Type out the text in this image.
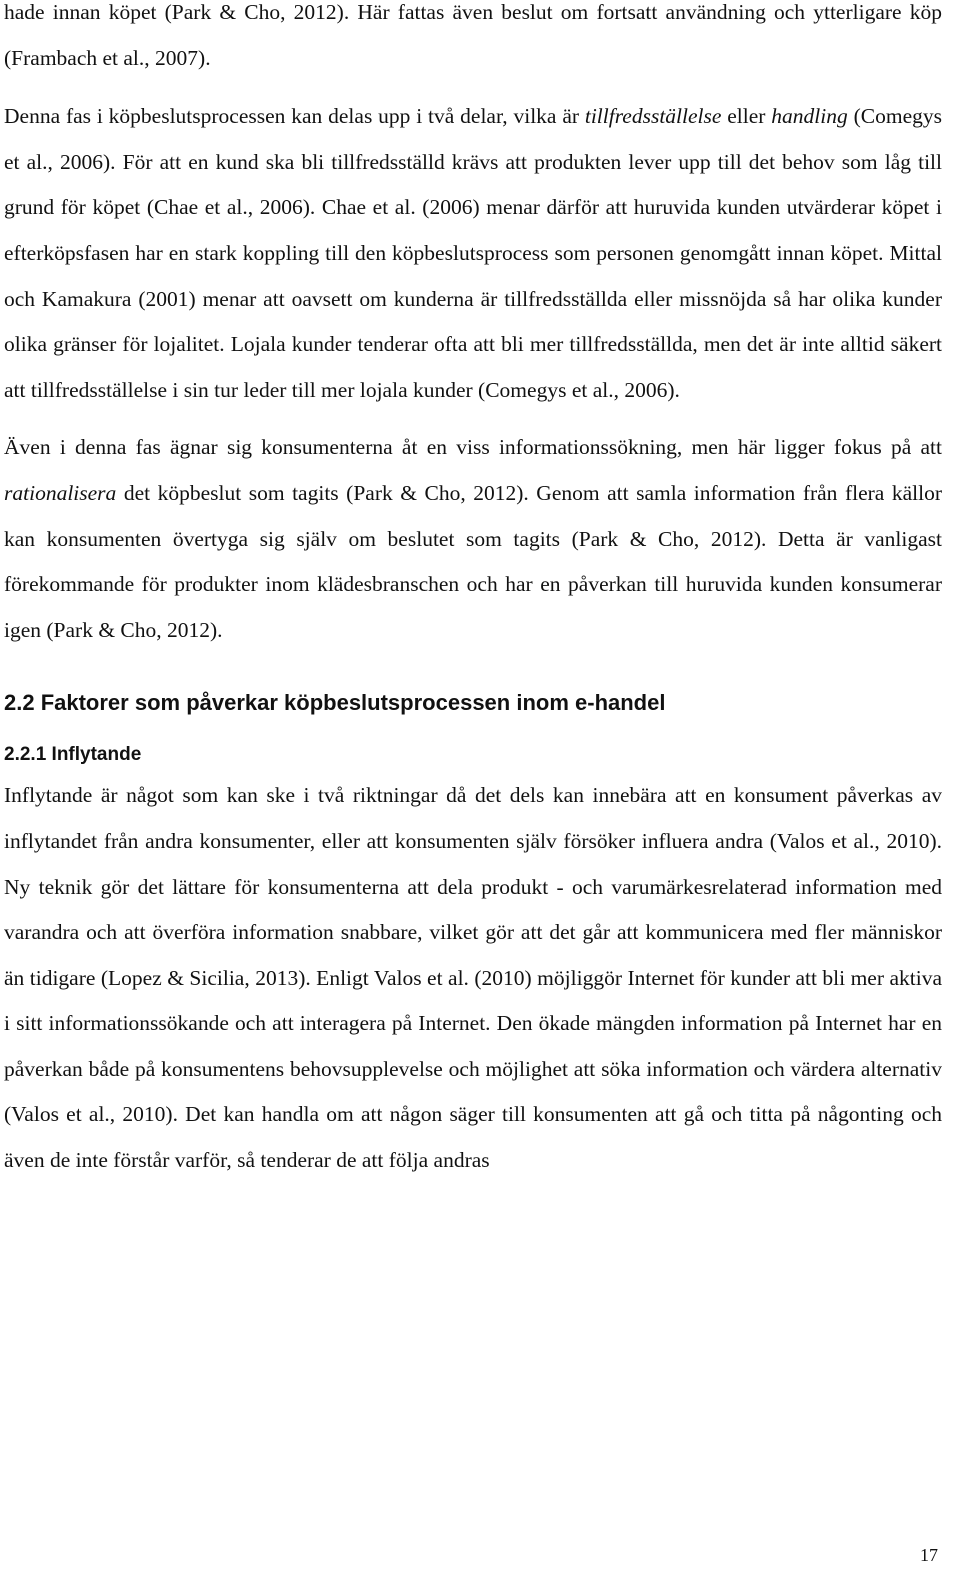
hade innan köpet (Park & Cho, 2012). Här fattas även beslut om fortsatt användning och ytterligare köp (Frambach et al., 2007).

Denna fas i köpbeslutsprocessen kan delas upp i två delar, vilka är tillfredsställelse eller handling (Comegys et al., 2006). För att en kund ska bli tillfredsställd krävs att produkten lever upp till det behov som låg till grund för köpet (Chae et al., 2006). Chae et al. (2006) menar därför att huruvida kunden utvärderar köpet i efterköpsfasen har en stark koppling till den köpbeslutsprocess som personen genomgått innan köpet. Mittal och Kamakura (2001) menar att oavsett om kunderna är tillfredsställda eller missnöjda så har olika kunder olika gränser för lojalitet. Lojala kunder tenderar ofta att bli mer tillfredsställda, men det är inte alltid säkert att tillfredsställelse i sin tur leder till mer lojala kunder (Comegys et al., 2006).

Även i denna fas ägnar sig konsumenterna åt en viss informationssökning, men här ligger fokus på att rationalisera det köpbeslut som tagits (Park & Cho, 2012). Genom att samla information från flera källor kan konsumenten övertyga sig själv om beslutet som tagits (Park & Cho, 2012). Detta är vanligast förekommande för produkter inom klädesbranschen och har en påverkan till huruvida kunden konsumerar igen (Park & Cho, 2012).

2.2 Faktorer som påverkar köpbeslutsprocessen inom e-handel
2.2.1 Inflytande

Inflytande är något som kan ske i två riktningar då det dels kan innebära att en konsument påverkas av inflytandet från andra konsumenter, eller att konsumenten själv försöker influera andra (Valos et al., 2010). Ny teknik gör det lättare för konsumenterna att dela produkt - och varumärkesrelaterad information med varandra och att överföra information snabbare, vilket gör att det går att kommunicera med fler människor än tidigare (Lopez & Sicilia, 2013). Enligt Valos et al. (2010) möjliggör Internet för kunder att bli mer aktiva i sitt informationssökande och att interagera på Internet. Den ökade mängden information på Internet har en påverkan både på konsumentens behovsupplevelse och möjlighet att söka information och värdera alternativ (Valos et al., 2010). Det kan handla om att någon säger till konsumenten att gå och titta på någonting och även de inte förstår varför, så tenderar de att följa andras

17
